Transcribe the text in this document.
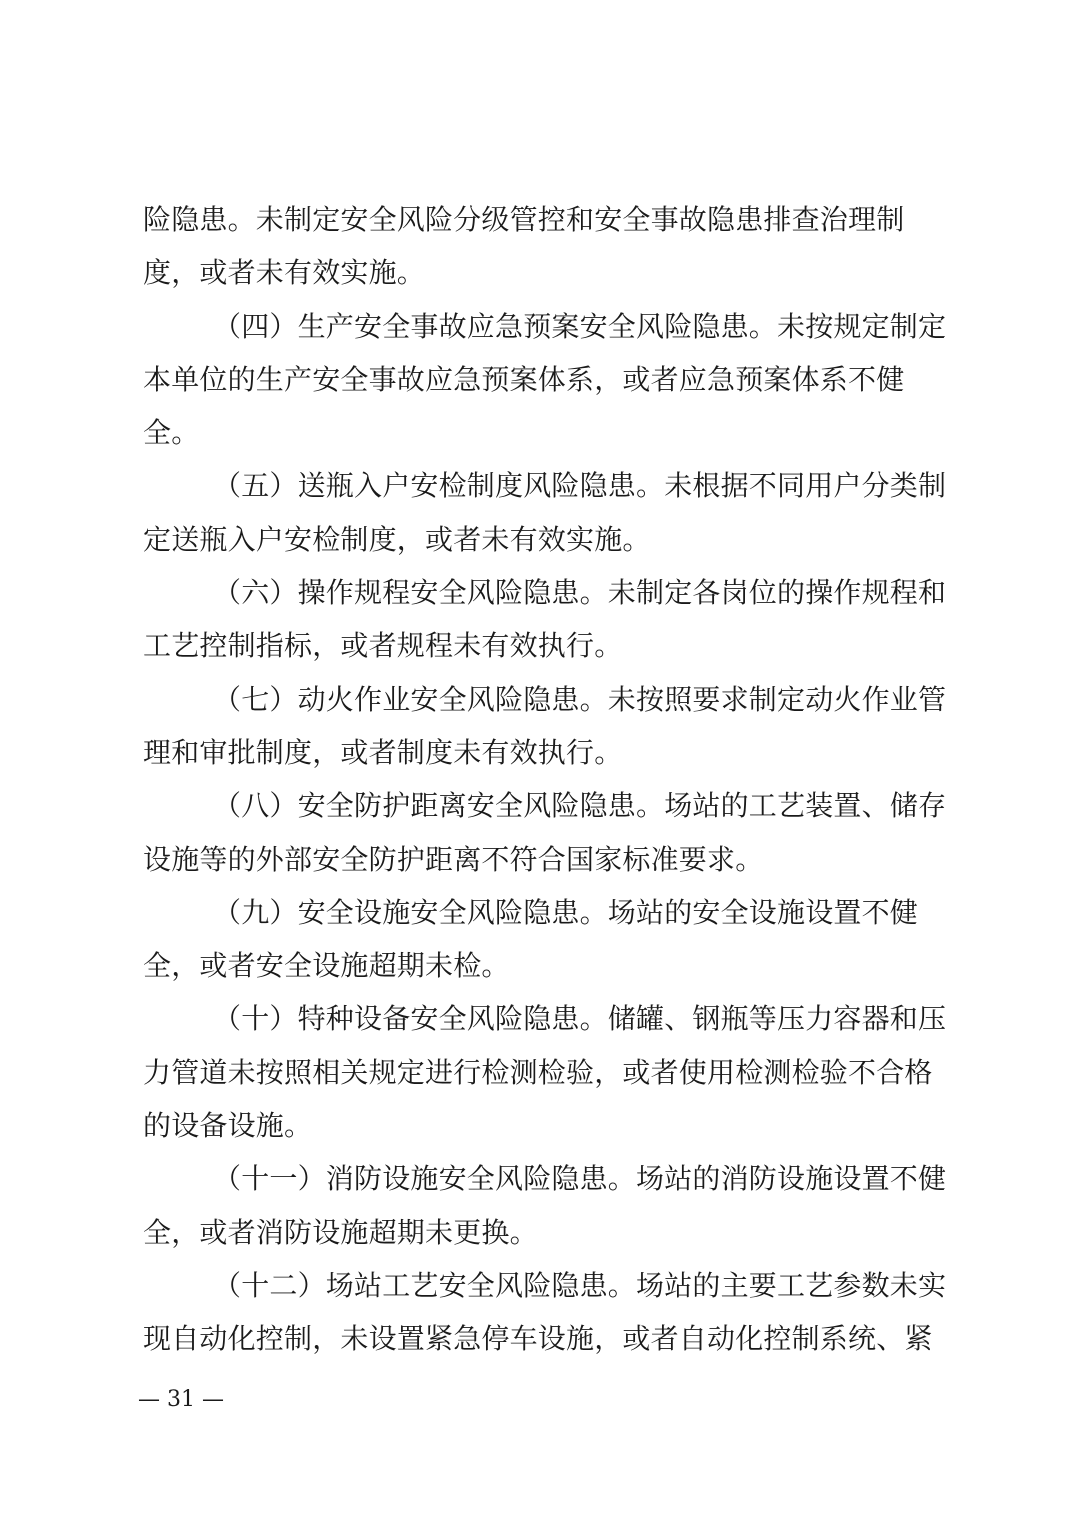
险隐患。未制定安全风险分级管控和安全事故隐患排查治理制
度，或者未有效实施。
（四）生产安全事故应急预案安全风险隐患。未按规定制定
本单位的生产安全事故应急预案体系，或者应急预案体系不健
全。
（五）送瓶入户安检制度风险隐患。未根据不同用户分类制
定送瓶入户安检制度，或者未有效实施。
（六）操作规程安全风险隐患。未制定各岗位的操作规程和
工艺控制指标，或者规程未有效执行。
（七）动火作业安全风险隐患。未按照要求制定动火作业管
理和审批制度，或者制度未有效执行。
（八）安全防护距离安全风险隐患。场站的工艺装置、储存
设施等的外部安全防护距离不符合国家标准要求。
（九）安全设施安全风险隐患。场站的安全设施设置不健
全，或者安全设施超期未检。
（十）特种设备安全风险隐患。储罐、钢瓶等压力容器和压
力管道未按照相关规定进行检测检验，或者使用检测检验不合格
的设备设施。
（十一）消防设施安全风险隐患。场站的消防设施设置不健
全，或者消防设施超期未更换。
（十二）场站工艺安全风险隐患。场站的主要工艺参数未实
现自动化控制，未设置紧急停车设施，或者自动化控制系统、紧
— 31 —
